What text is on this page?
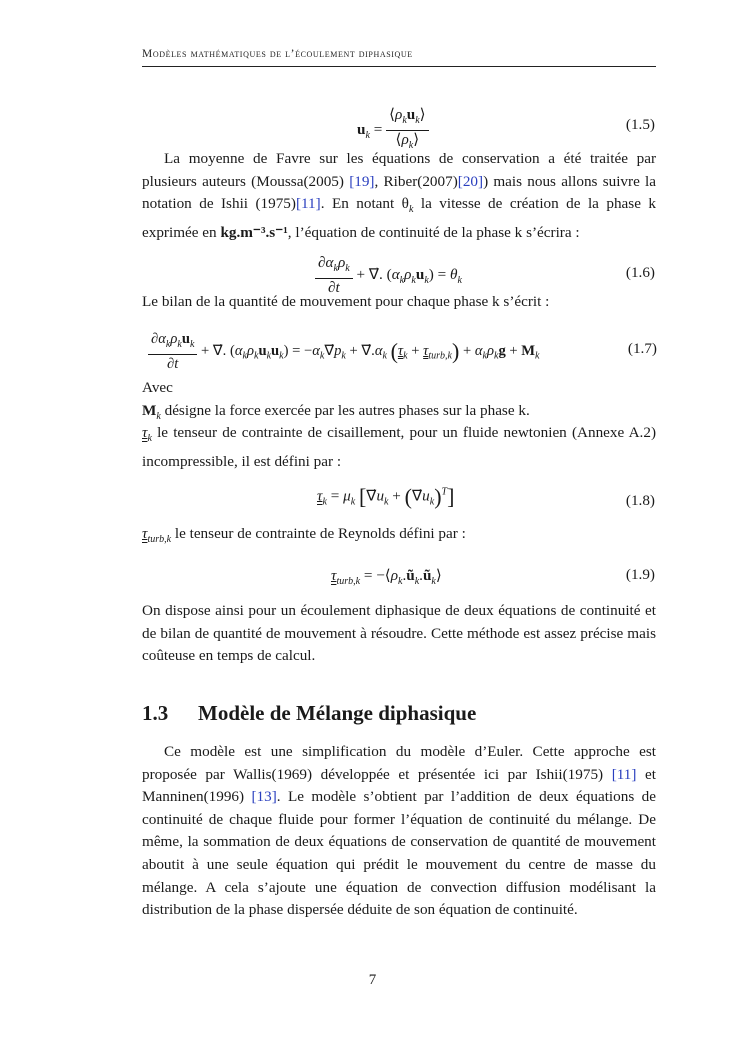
Modèles mathématiques de l’écoulement diphasique
$u_k = \frac{⟨\rho_ku_k⟩}{⟨\rho_k⟩}$	(1.5)

La moyenne de Favre sur les équations de conservation a été traitée par plusieurs auteurs (Moussa(2005) [19], Riber(2007)[20]) mais nous allons suivre la notation de Ishii (1975)[11]. En notant $\theta_k$ la vitesse de création de la phase k exprimée en kg.m⁻³.s⁻¹, l’équation de continuité de la phase k s’écrira :

$\frac{\partial\alpha_k\rho_k}{\partial t}$ + ∇⃗. $(\alpha_k\rho_ku_k) = \theta_k$	(1.6)
Le bilan de la quantité de mouvement pour chaque phase k s’écrit :
$\frac{\partial\alpha_k\rho_ku_k}{\partial t}$ + ∇⃗. $(\alpha_k\rho_ku_ku_k)$ = $-\alpha_k\nabla⃗p_k$ + $\nabla⃗.\alpha_k$ $(\tau_k + \tau_{turb,k}) + \alpha_k\rho_kg + M_k$	(1.7)
Avec
$M_k$ désigne la force exercée par les autres phases sur la phase k.

$\tau_k$ le tenseur de contrainte de cisaillement, pour un fluide newtonien (Annexe A.2) incompressible, il est défini par :

$\tau_k = \mu_k$ [$\nabla⃗u_k$ + $(\nabla⃗u_k)^T$]	(1.8)
$\tau_{turb,k}$ le tenseur de contrainte de Reynolds défini par :
$\tau_{turb,k}$ = $-⟨\rho_k.ũ_k.ũ_k⟩$	(1.9)

On dispose ainsi pour un écoulement diphasique de deux équations de continuité et de bilan de quantité de mouvement à résoudre. Cette méthode est assez précise mais coûteuse en temps de calcul.

1.3 Modèle de Mélange diphasique

Ce modèle est une simplification du modèle d’Euler. Cette approche est proposée par Wallis(1969) développée et présentée ici par Ishii(1975) [11] et Manninen(1996) [13]. Le modèle s’obtient par l’addition de deux équations de continuité de chaque fluide pour former l’équation de continuité du mélange. De même, la sommation de deux équations de conservation de quantité de mouvement aboutit à une seule équation qui prédit le mouvement du centre de masse du mélange. A cela s’ajoute une équation de convection diffusion modélisant la distribution de la phase dispersée déduite de son équation de continuité.

7
